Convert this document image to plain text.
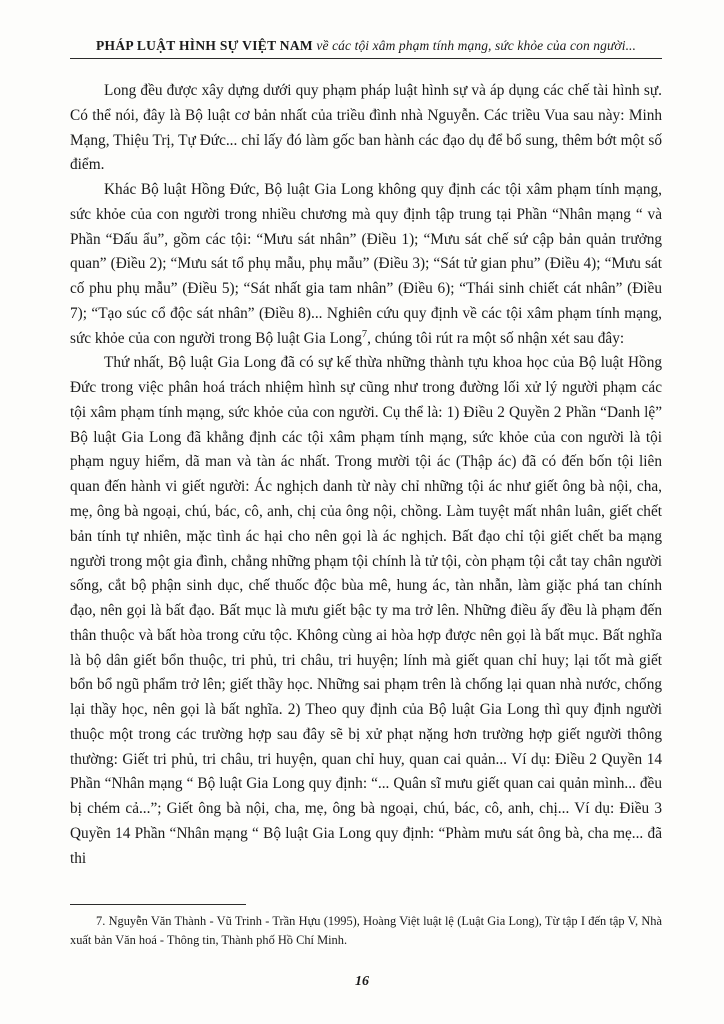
PHÁP LUẬT HÌNH SỰ VIỆT NAM về các tội xâm phạm tính mạng, sức khỏe của con người...

Long đều được xây dựng dưới quy phạm pháp luật hình sự và áp dụng các chế tài hình sự. Có thể nói, đây là Bộ luật cơ bản nhất của triều đình nhà Nguyễn. Các triều Vua sau này: Minh Mạng, Thiệu Trị, Tự Đức... chỉ lấy đó làm gốc ban hành các đạo dụ để bổ sung, thêm bớt một số điểm.

Khác Bộ luật Hồng Đức, Bộ luật Gia Long không quy định các tội xâm phạm tính mạng, sức khỏe của con người trong nhiều chương mà quy định tập trung tại Phần “Nhân mạng “ và Phần “Đấu ẩu”, gồm các tội: “Mưu sát nhân” (Điều 1); “Mưu sát chế sứ cập bản quản trưởng quan” (Điều 2); “Mưu sát tổ phụ mẫu, phụ mẫu” (Điều 3); “Sát tử gian phu” (Điều 4); “Mưu sát cố phu phụ mẫu” (Điều 5); “Sát nhất gia tam nhân” (Điều 6); “Thái sinh chiết cát nhân” (Điều 7); “Tạo súc cổ độc sát nhân” (Điều 8)... Nghiên cứu quy định về các tội xâm phạm tính mạng, sức khỏe của con người trong Bộ luật Gia Long$^7$, chúng tôi rút ra một số nhận xét sau đây:

Thứ nhất, Bộ luật Gia Long đã có sự kế thừa những thành tựu khoa học của Bộ luật Hồng Đức trong việc phân hoá trách nhiệm hình sự cũng như trong đường lối xử lý người phạm các tội xâm phạm tính mạng, sức khỏe của con người. Cụ thể là: 1) Điều 2 Quyền 2 Phần “Danh lệ” Bộ luật Gia Long đã khẳng định các tội xâm phạm tính mạng, sức khỏe của con người là tội phạm nguy hiểm, dã man và tàn ác nhất. Trong mười tội ác (Thập ác) đã có đến bốn tội liên quan đến hành vi giết người: Ác nghịch danh từ này chỉ những tội ác như giết ông bà nội, cha, mẹ, ông bà ngoại, chú, bác, cô, anh, chị của ông nội, chồng. Làm tuyệt mất nhân luân, giết chết bản tính tự nhiên, mặc tình ác hại cho nên gọi là ác nghịch. Bất đạo chỉ tội giết chết ba mạng người trong một gia đình, chẳng những phạm tội chính là tử tội, còn phạm tội cắt tay chân người sống, cắt bộ phận sinh dục, chế thuốc độc bùa mê, hung ác, tàn nhẫn, làm giặc phá tan chính đạo, nên gọi là bất đạo. Bất mục là mưu giết bậc ty ma trở lên. Những điều ấy đều là phạm đến thân thuộc và bất hòa trong cửu tộc. Không cùng ai hòa hợp được nên gọi là bất mục. Bất nghĩa là bộ dân giết bổn thuộc, tri phủ, tri châu, tri huyện; lính mà giết quan chỉ huy; lại tốt mà giết bổn bổ ngũ phẩm trở lên; giết thầy học. Những sai phạm trên là chống lại quan nhà nước, chống lại thầy học, nên gọi là bất nghĩa. 2) Theo quy định của Bộ luật Gia Long thì quy định người thuộc một trong các trường hợp sau đây sẽ bị xử phạt nặng hơn trường hợp giết người thông thường: Giết tri phủ, tri châu, tri huyện, quan chỉ huy, quan cai quản... Ví dụ: Điều 2 Quyền 14 Phần “Nhân mạng “ Bộ luật Gia Long quy định: “... Quân sĩ mưu giết quan cai quản mình... đều bị chém cả...”; Giết ông bà nội, cha, mẹ, ông bà ngoại, chú, bác, cô, anh, chị... Ví dụ: Điều 3 Quyền 14 Phần “Nhân mạng “ Bộ luật Gia Long quy định: “Phàm mưu sát ông bà, cha mẹ... đã thi

7. Nguyễn Văn Thành - Vũ Trinh - Trần Hựu (1995), Hoàng Việt luật lệ (Luật Gia Long), Từ tập I đến tập V, Nhà xuất bản Văn hoá - Thông tin, Thành phố Hồ Chí Minh.

16
